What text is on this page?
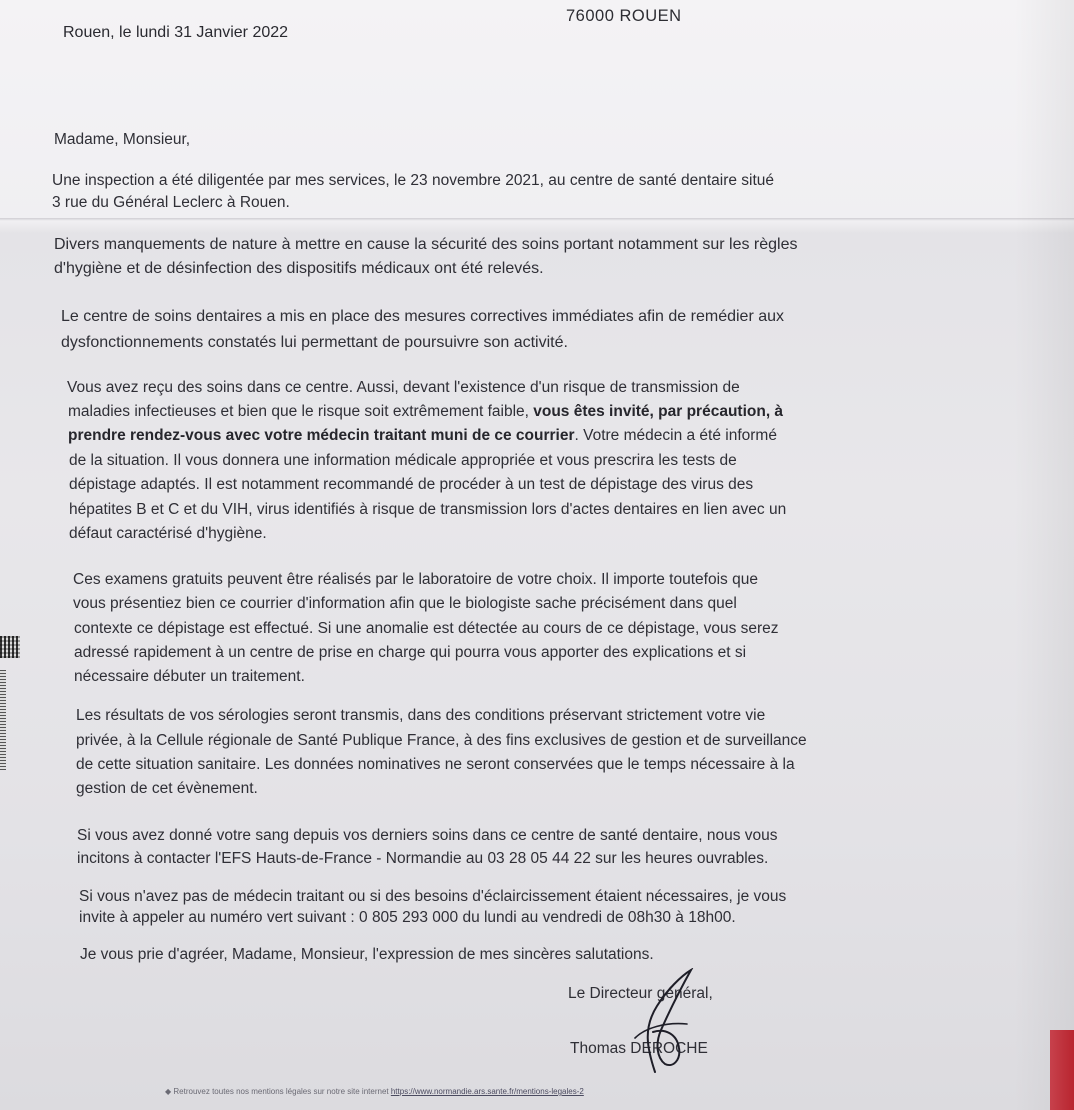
76000 ROUEN
Rouen, le lundi 31 Janvier 2022
Madame, Monsieur,
Une inspection a été diligentée par mes services, le 23 novembre 2021, au centre de santé dentaire situé
3 rue du Général Leclerc à Rouen.
Divers manquements de nature à mettre en cause la sécurité des soins portant notamment sur les règles
d'hygiène et de désinfection des dispositifs médicaux ont été relevés.
Le centre de soins dentaires a mis en place des mesures correctives immédiates afin de remédier aux
dysfonctionnements constatés lui permettant de poursuivre son activité.
Vous avez reçu des soins dans ce centre. Aussi, devant l'existence d'un risque de transmission de
maladies infectieuses et bien que le risque soit extrêmement faible, vous êtes invité, par précaution, à
prendre rendez-vous avec votre médecin traitant muni de ce courrier. Votre médecin a été informé
de la situation. Il vous donnera une information médicale appropriée et vous prescrira les tests de
dépistage adaptés. Il est notamment recommandé de procéder à un test de dépistage des virus des
hépatites B et C et du VIH, virus identifiés à risque de transmission lors d'actes dentaires en lien avec un
défaut caractérisé d'hygiène.
Ces examens gratuits peuvent être réalisés par le laboratoire de votre choix. Il importe toutefois que
vous présentiez bien ce courrier d'information afin que le biologiste sache précisément dans quel
contexte ce dépistage est effectué. Si une anomalie est détectée au cours de ce dépistage, vous serez
adressé rapidement à un centre de prise en charge qui pourra vous apporter des explications et si
nécessaire débuter un traitement.
Les résultats de vos sérologies seront transmis, dans des conditions préservant strictement votre vie
privée, à la Cellule régionale de Santé Publique France, à des fins exclusives de gestion et de surveillance
de cette situation sanitaire. Les données nominatives ne seront conservées que le temps nécessaire à la
gestion de cet évènement.
Si vous avez donné votre sang depuis vos derniers soins dans ce centre de santé dentaire, nous vous
incitons à contacter l'EFS Hauts-de-France - Normandie au 03 28 05 44 22 sur les heures ouvrables.
Si vous n'avez pas de médecin traitant ou si des besoins d'éclaircissement étaient nécessaires, je vous
invite à appeler au numéro vert suivant : 0 805 293 000 du lundi au vendredi de 08h30 à 18h00.
Je vous prie d'agréer, Madame, Monsieur, l'expression de mes sincères salutations.
Le Directeur général,
Thomas DEROCHE
◆ Retrouvez toutes nos mentions légales sur notre site internet https://www.normandie.ars.sante.fr/mentions-legales-2
